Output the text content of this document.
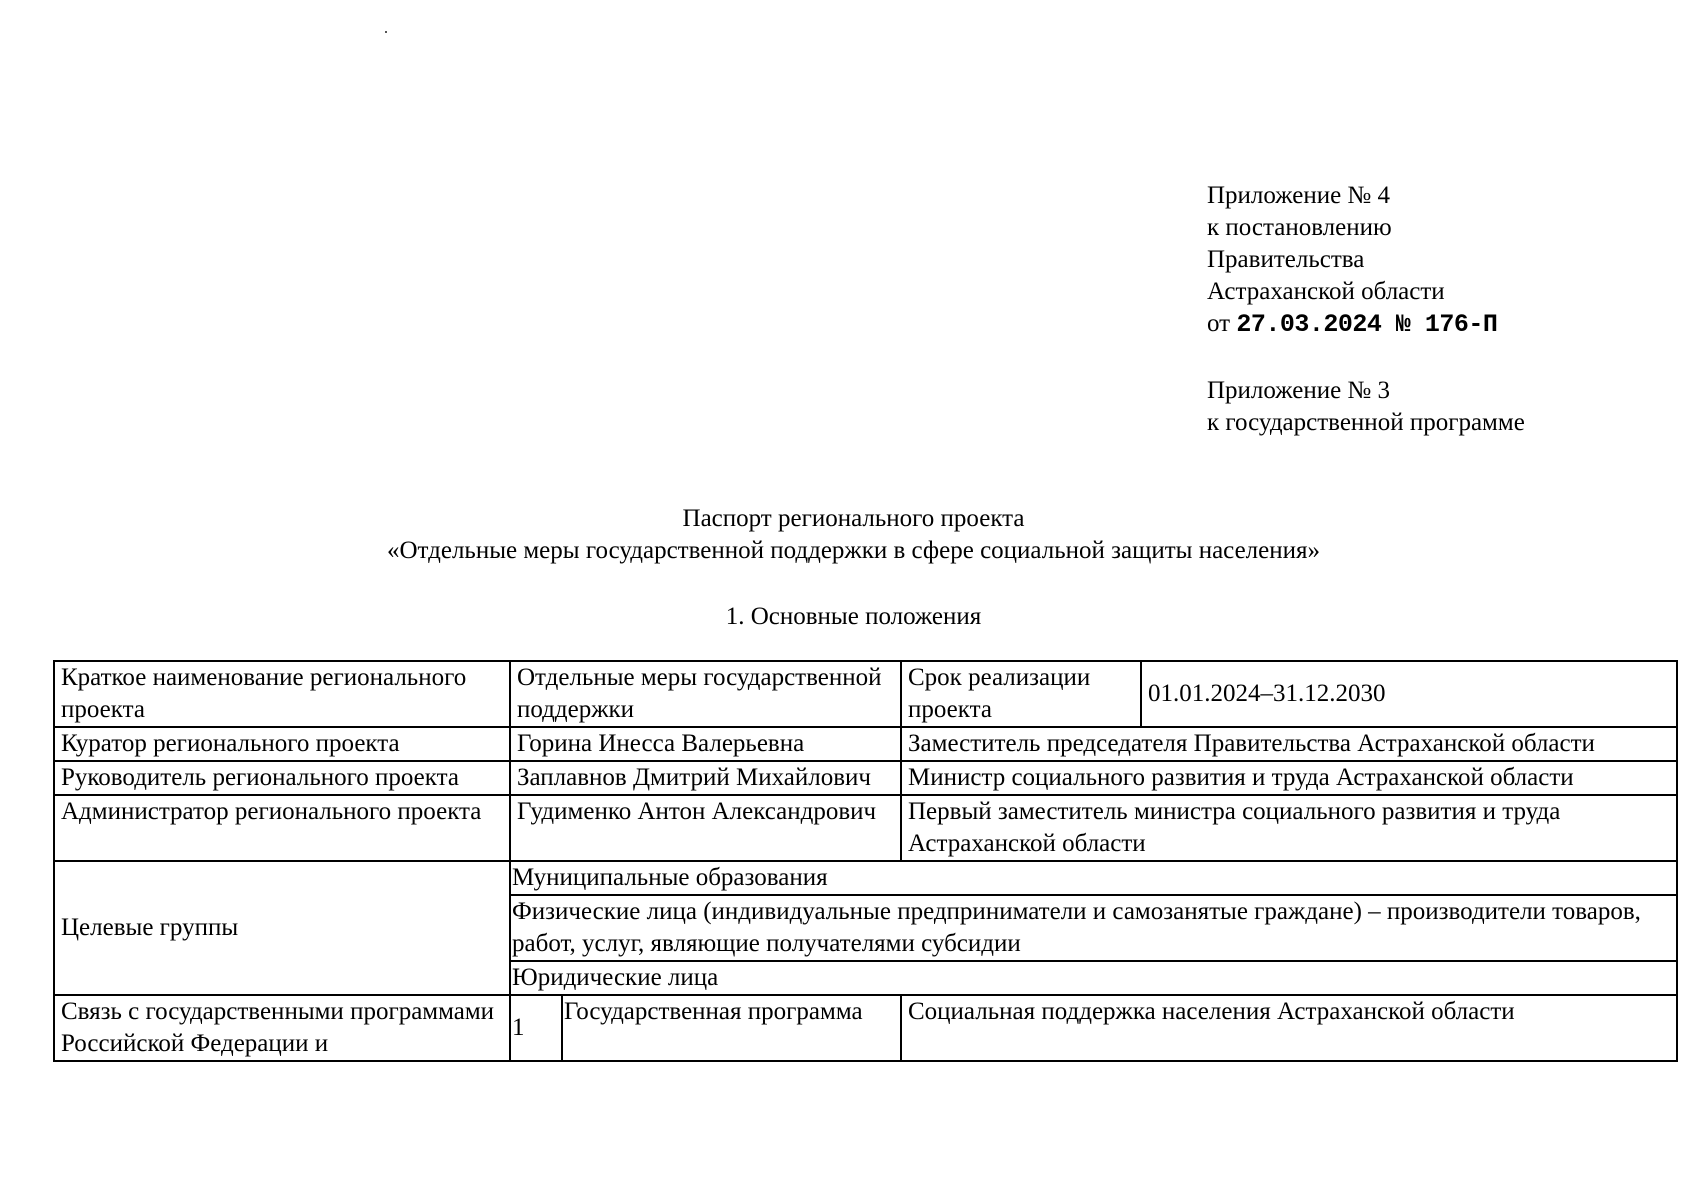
Приложение № 4
к постановлению
Правительства
Астраханской области
от 27.03.2024 № 176-П
Приложение № 3
к государственной программе
Паспорт регионального проекта
«Отдельные меры государственной поддержки в сфере социальной защиты населения»
1. Основные положения
Краткое наименование регионального проекта	Отдельные меры государственной поддержки		Срок реализации проекта	01.01.2024–31.12.2030
Куратор регионального проекта	Горина Инесса Валерьевна		Заместитель председателя Правительства Астраханской области	
Руководитель регионального проекта	Заплавнов Дмитрий Михайлович		Министр социального развития и труда Астраханской области	
Администратор регионального проекта	Гудименко Антон Александрович		Первый заместитель министра социального развития и труда Астраханской области	
Целевые группы	Муниципальные образования			
	Физические лица (индивидуальные предприниматели и самозанятые граждане) – производители товаров, работ, услуг, являющие получателями субсидии			
	Юридические лица			
Связь с государственными программами Российской Федерации и	1	Государственная программа	Социальная поддержка населения Астраханской области	
